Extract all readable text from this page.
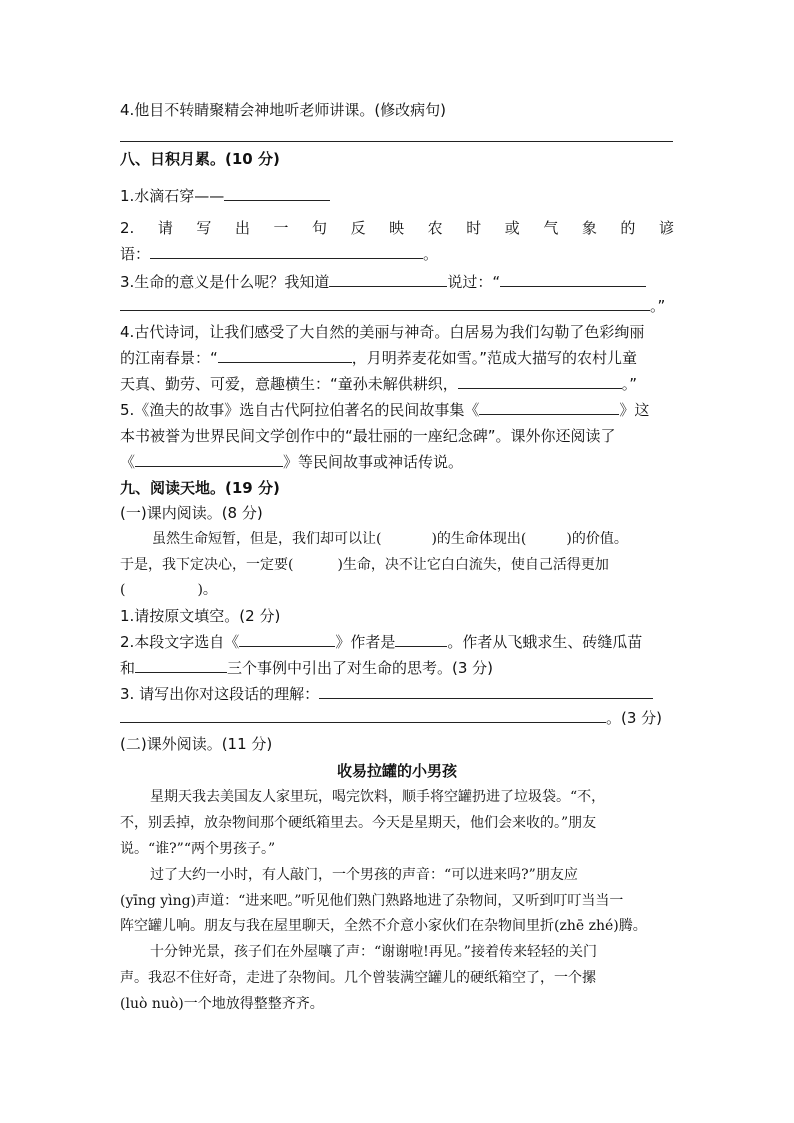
4.他目不转睛聚精会神地听老师讲课。(修改病句)
八、日积月累。(10 分)
1.水滴石穿——
2. 请 写 出 一 句 反 映 农 时 或 气 象 的 谚
语：	。
3.生命的意义是什么呢？我知道	说过：“
。”
4.古代诗词，让我们感受了大自然的美丽与神奇。白居易为我们勾勒了色彩绚丽
的江南春景：“	，月明荞麦花如雪。”范成大描写的农村儿童
天真、勤劳、可爱，意趣横生：“童孙未解供耕织，	。”
5.《渔夫的故事》选自古代阿拉伯著名的民间故事集《	》这
本书被誉为世界民间文学创作中的“最壮丽的一座纪念碑”。课外你还阅读了
《	》等民间故事或神话传说。
九、阅读天地。(19 分)
(一)课内阅读。(8 分)
虽然生命短暂，但是，我们却可以让(	)的生命体现出(	)的价值。
于是，我下定决心，一定要(	)生命，决不让它白白流失，使自己活得更加
(	)。
1.请按原文填空。(2 分)
2.本段文字选自《	》作者是	。作者从飞蛾求生、砖缝瓜苗
和	三个事例中引出了对生命的思考。(3 分)
3. 请写出你对这段话的理解：
。(3 分)
(二)课外阅读。(11 分)
收易拉罐的小男孩
星期天我去美国友人家里玩，喝完饮料，顺手将空罐扔进了垃圾袋。“不，
不，别丢掉，放杂物间那个硬纸箱里去。今天是星期天，他们会来收的。”朋友
说。“谁?”“两个男孩子。”
过了大约一小时，有人敲门，一个男孩的声音：“可以进来吗?”朋友应
(yīng yìng)声道：“进来吧。”听见他们熟门熟路地进了杂物间，又听到叮叮当当一
阵空罐儿响。朋友与我在屋里聊天，全然不介意小家伙们在杂物间里折(zhē zhé)腾。
十分钟光景，孩子们在外屋嚷了声：“谢谢啦!再见。”接着传来轻轻的关门
声。我忍不住好奇，走进了杂物间。几个曾装满空罐儿的硬纸箱空了，一个摞
(luò nuò)一个地放得整整齐齐。
